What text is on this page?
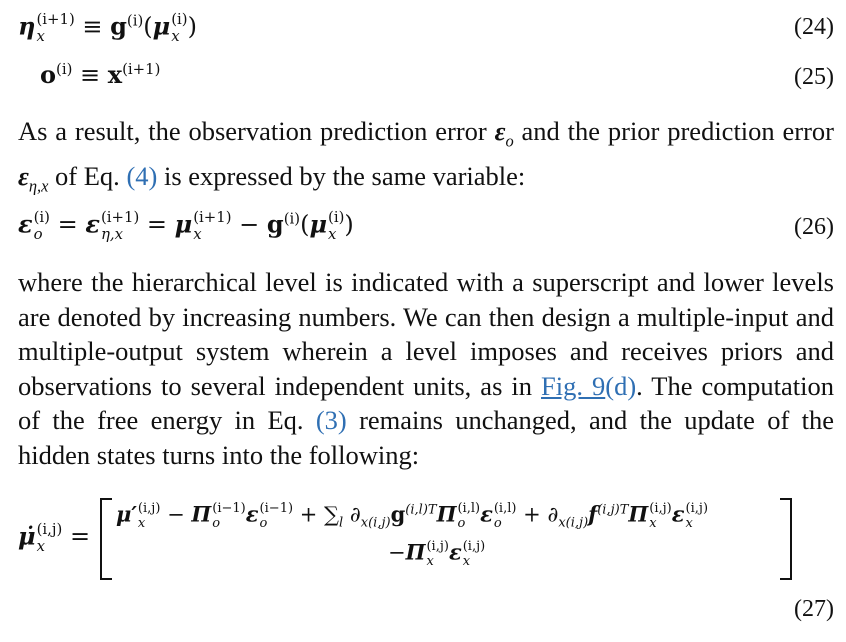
η (i+1)
x	≡ $g^{(i)}(\mu$ (i)
x )	(24)
$o^{(i)} \equiv x^{(i+1)}$	(25)
As a result, the observation prediction error $\varepsilon_o$ and the prior prediction error $\varepsilon_{\eta,x}$ of Eq. (4) is expressed by the same variable:
ε (i)
o = ε (i+1)
η,x = μ (i+1)
x	− $g^{(i)}(\mu$ (i)
x )	(26)
where the hierarchical level is indicated with a superscript and lower levels are denoted by increasing numbers. We can then design a multiple-input and multiple-output system wherein a level imposes and receives priors and observations to several independent units, as in Fig. 9(d). The computation of the free energy in Eq. (3) remains unchanged, and the update of the hidden states turns into the following:
μ̇ (i,j)
x	=
μ′ (i,j)
x	− Π (i−1)
o	ε (i−1)
o	+ $\sum_l$ $\partial_{x(i,j)}g^{(i,l)T}\Pi$ (i,l)
o ε (i,l)
o	+ $\partial_{x(i,j)}f^{(i,j)T}\Pi$ (i,j)
x ε (i,j)
x
−Π (i,j)
x ε (i,j)
x
(27)
